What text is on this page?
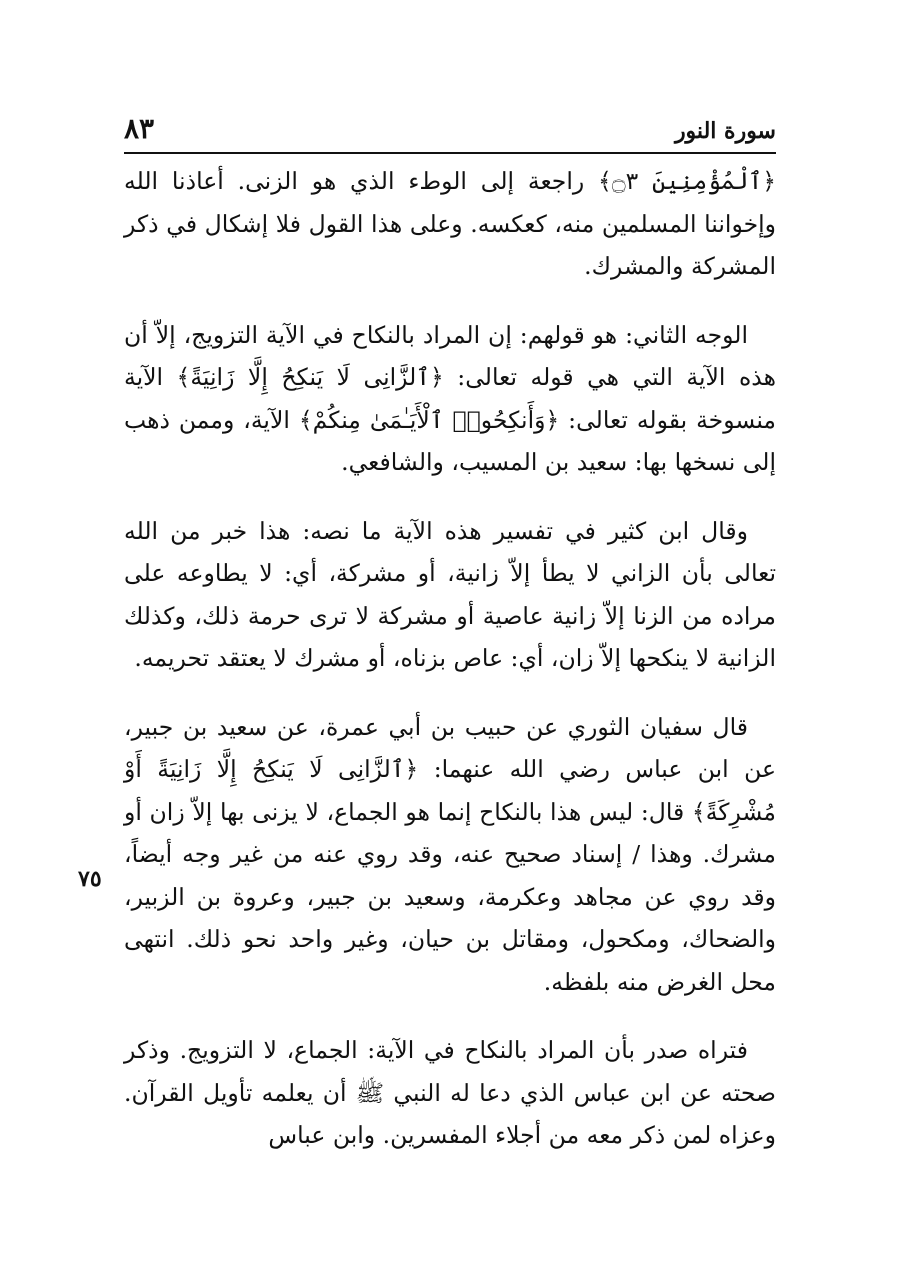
سورة النور
٨٣
٧٥

﴿ٱلْمُؤْمِنِينَ ۝٣﴾ راجعة إلى الوطء الذي هو الزنى. أعاذنا الله وإخواننا المسلمين منه، كعكسه. وعلى هذا القول فلا إشكال في ذكر المشركة والمشرك.

الوجه الثاني: هو قولهم: إن المراد بالنكاح في الآية التزويج، إلاّ أن هذه الآية التي هي قوله تعالى: ﴿ٱلزَّانِى لَا يَنكِحُ إِلَّا زَانِيَةً﴾ الآية منسوخة بقوله تعالى: ﴿وَأَنكِحُوا۟ ٱلْأَيَـٰمَىٰ مِنكُمْ﴾ الآية، وممن ذهب إلى نسخها بها: سعيد بن المسيب، والشافعي.

وقال ابن كثير في تفسير هذه الآية ما نصه: هذا خبر من الله تعالى بأن الزاني لا يطأ إلاّ زانية، أو مشركة، أي: لا يطاوعه على مراده من الزنا إلاّ زانية عاصية أو مشركة لا ترى حرمة ذلك، وكذلك الزانية لا ينكحها إلاّ زان، أي: عاص بزناه، أو مشرك لا يعتقد تحريمه.

قال سفيان الثوري عن حبيب بن أبي عمرة، عن سعيد بن جبير، عن ابن عباس رضي الله عنهما: ﴿ٱلزَّانِى لَا يَنكِحُ إِلَّا زَانِيَةً أَوْ مُشْرِكَةً﴾ قال: ليس هذا بالنكاح إنما هو الجماع، لا يزنى بها إلاّ زان أو مشرك. وهذا / إسناد صحيح عنه، وقد روي عنه من غير وجه أيضاً، وقد روي عن مجاهد وعكرمة، وسعيد بن جبير، وعروة بن الزبير، والضحاك، ومكحول، ومقاتل بن حيان، وغير واحد نحو ذلك. انتهى محل الغرض منه بلفظه.

فتراه صدر بأن المراد بالنكاح في الآية: الجماع، لا التزويج. وذكر صحته عن ابن عباس الذي دعا له النبي ﷺ أن يعلمه تأويل القرآن. وعزاه لمن ذكر معه من أجلاء المفسرين. وابن عباس
